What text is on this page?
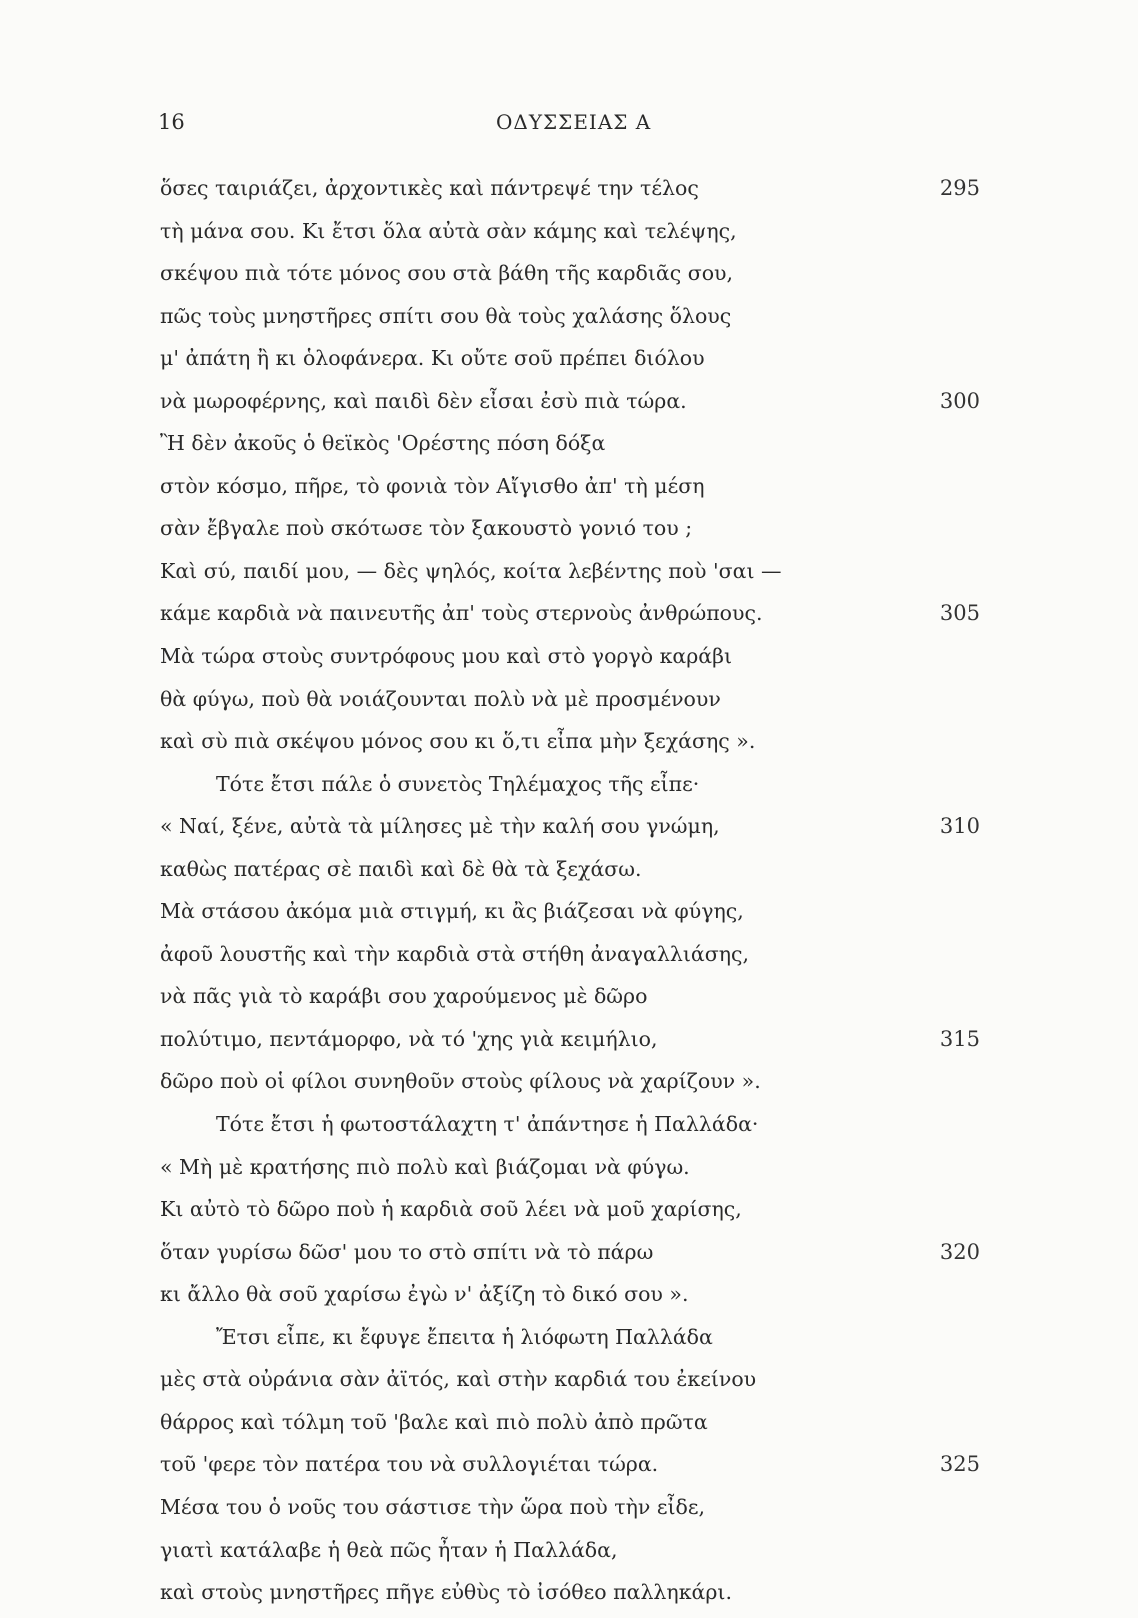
16	ΟΔΥΣΣΕΙΑΣ Α
ὅσες ταιριάζει, ἀρχοντικὲς καὶ πάντρεψέ την τέλος	295
τὴ μάνα σου. Κι ἔτσι ὅλα αὐτὰ σὰν κάμης καὶ τελέψης,
σκέψου πιὰ τότε μόνος σου στὰ βάθη τῆς καρδιᾶς σου,
πῶς τοὺς μνηστῆρες σπίτι σου θὰ τοὺς χαλάσης ὅλους
μ' ἀπάτη ἢ κι ὁλοφάνερα. Κι οὔτε σοῦ πρέπει διόλου
νὰ μωροφέρνης, καὶ παιδὶ δὲν εἶσαι ἐσὺ πιὰ τώρα.	300
Ἢ δὲν ἀκοῦς ὁ θεϊκὸς 'Ορέστης πόση δόξα
στὸν κόσμο, πῆρε, τὸ φονιὰ τὸν Αἴγισθο ἀπ' τὴ μέση
σὰν ἔβγαλε ποὺ σκότωσε τὸν ξακουστὸ γονιό του ;
Καὶ σύ, παιδί μου, — δὲς ψηλός, κοίτα λεβέντης ποὺ 'σαι —
κάμε καρδιὰ νὰ παινευτῆς ἀπ' τοὺς στερνοὺς ἀνθρώπους.	305
Μὰ τώρα στοὺς συντρόφους μου καὶ στὸ γοργὸ καράβι
θὰ φύγω, ποὺ θὰ νοιάζουνται πολὺ νὰ μὲ προσμένουν
καὶ σὺ πιὰ σκέψου μόνος σου κι ὅ,τι εἶπα μὴν ξεχάσης ».
Τότε ἔτσι πάλε ὁ συνετὸς Τηλέμαχος τῆς εἶπε·
« Ναί, ξένε, αὐτὰ τὰ μίλησες μὲ τὴν καλή σου γνώμη,	310
καθὼς πατέρας σὲ παιδὶ καὶ δὲ θὰ τὰ ξεχάσω.
Μὰ στάσου ἀκόμα μιὰ στιγμή, κι ἂς βιάζεσαι νὰ φύγης,
ἀφοῦ λουστῆς καὶ τὴν καρδιὰ στὰ στήθη ἀναγαλλιάσης,
νὰ πᾶς γιὰ τὸ καράβι σου χαρούμενος μὲ δῶρο
πολύτιμο, πεντάμορφο, νὰ τό 'χης γιὰ κειμήλιο,	315
δῶρο ποὺ οἱ φίλοι συνηθοῦν στοὺς φίλους νὰ χαρίζουν ».
Τότε ἔτσι ἡ φωτοστάλαχτη τ' ἀπάντησε ἡ Παλλάδα·
« Μὴ μὲ κρατήσης πιὸ πολὺ καὶ βιάζομαι νὰ φύγω.
Κι αὐτὸ τὸ δῶρο ποὺ ἡ καρδιὰ σοῦ λέει νὰ μοῦ χαρίσης,
ὅταν γυρίσω δῶσ' μου το στὸ σπίτι νὰ τὸ πάρω	320
κι ἄλλο θὰ σοῦ χαρίσω ἐγὼ ν' ἀξίζη τὸ δικό σου ».
Ἔτσι εἶπε, κι ἔφυγε ἔπειτα ἡ λιόφωτη Παλλάδα
μὲς στὰ οὐράνια σὰν ἀϊτός, καὶ στὴν καρδιά του ἐκείνου
θάρρος καὶ τόλμη τοῦ 'βαλε καὶ πιὸ πολὺ ἀπὸ πρῶτα
τοῦ 'φερε τὸν πατέρα του νὰ συλλογιέται τώρα.	325
Μέσα του ὁ νοῦς του σάστισε τὴν ὥρα ποὺ τὴν εἶδε,
γιατὶ κατάλαβε ἡ θεὰ πῶς ἦταν ἡ Παλλάδα,
καὶ στοὺς μνηστῆρες πῆγε εὐθὺς τὸ ἰσόθεο παλληκάρι.
